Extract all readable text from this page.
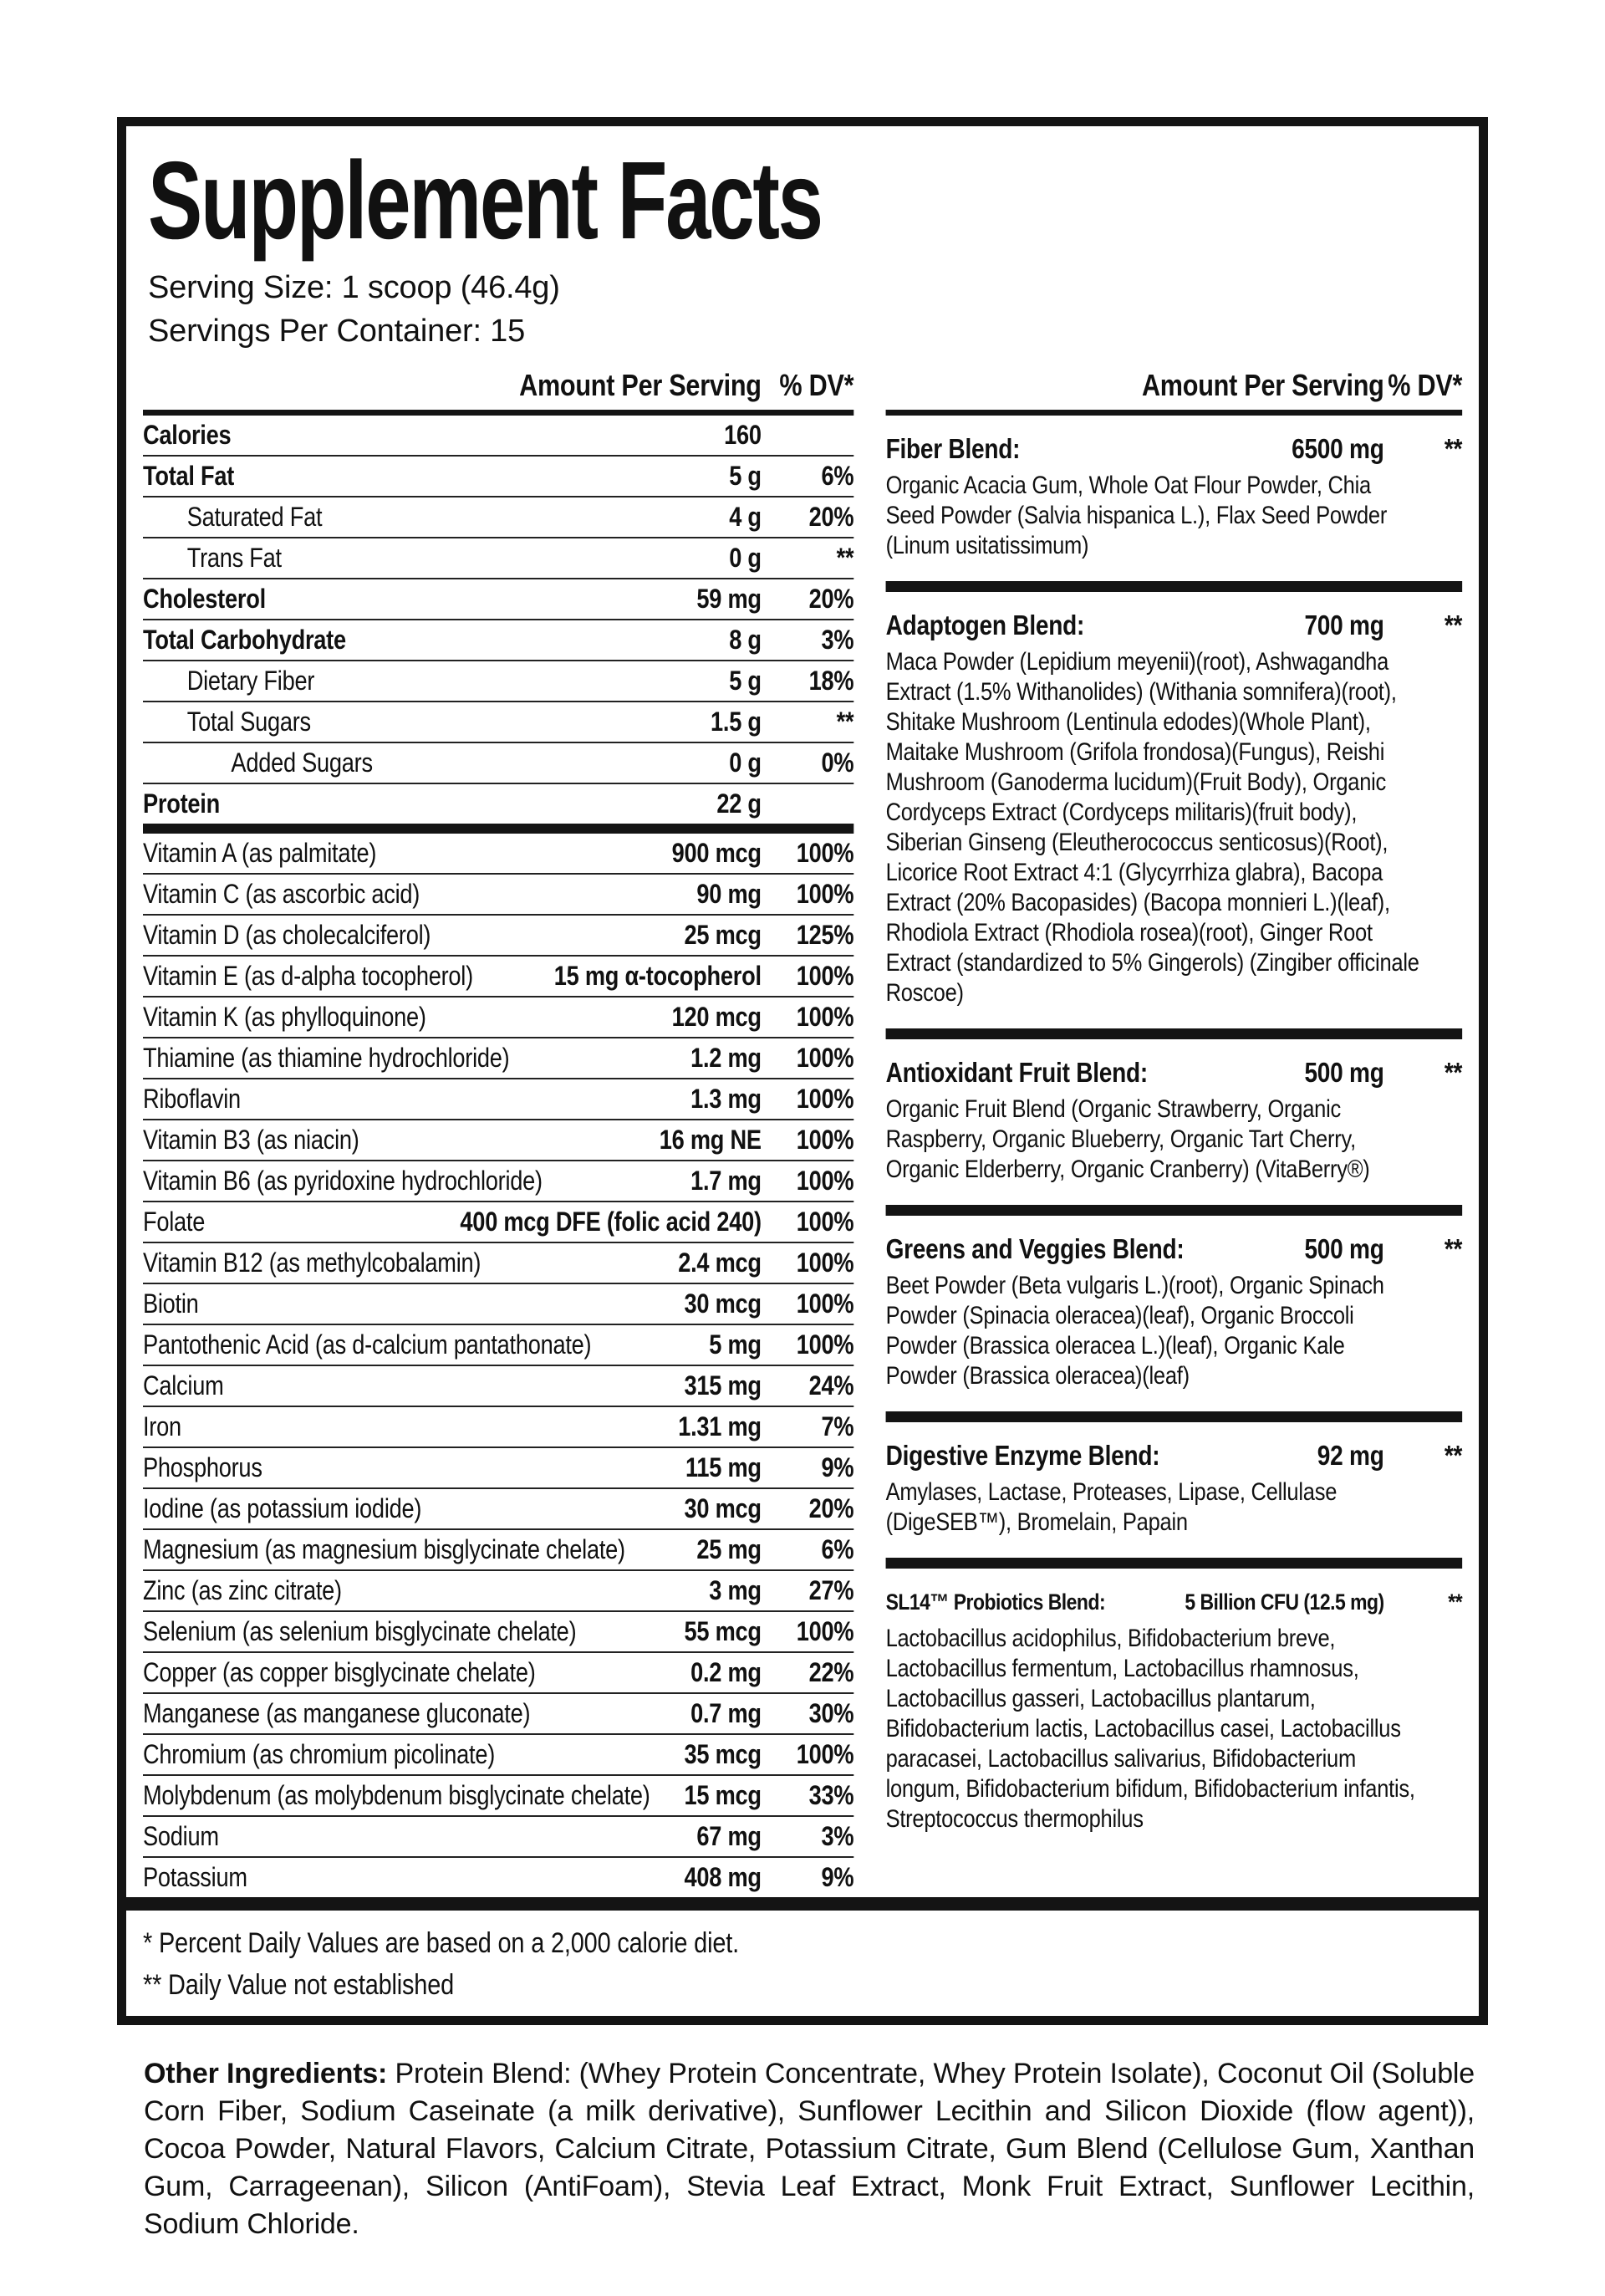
Supplement Facts
Serving Size: 1 scoop (46.4g)
Servings Per Container: 15
Amount Per Serving % DV*
Calories	160
Total Fat	5 g	6%
Saturated Fat	4 g	20%
Trans Fat	0 g	**
Cholesterol	59 mg	20%
Total Carbohydrate	8 g	3%
Dietary Fiber	5 g	18%
Total Sugars	1.5 g	**
Added Sugars	0 g	0%
Protein	22 g
Vitamin A (as palmitate)	900 mcg	100%
Vitamin C (as ascorbic acid)	90 mg	100%
Vitamin D (as cholecalciferol)	25 mcg	125%
Vitamin E (as d-alpha tocopherol)	15 mg α-tocopherol	100%
Vitamin K (as phylloquinone)	120 mcg	100%
Thiamine (as thiamine hydrochloride)	1.2 mg	100%
Riboflavin	1.3 mg	100%
Vitamin B3 (as niacin)	16 mg NE	100%
Vitamin B6 (as pyridoxine hydrochloride)	1.7 mg	100%
Folate	400 mcg DFE (folic acid 240)	100%
Vitamin B12 (as methylcobalamin)	2.4 mcg	100%
Biotin	30 mcg	100%
Pantothenic Acid (as d-calcium pantathonate)	5 mg	100%
Calcium	315 mg	24%
Iron	1.31 mg	7%
Phosphorus	115 mg	9%
Iodine (as potassium iodide)	30 mcg	20%
Magnesium (as magnesium bisglycinate chelate)	25 mg	6%
Zinc (as zinc citrate)	3 mg	27%
Selenium (as selenium bisglycinate chelate)	55 mcg	100%
Copper (as copper bisglycinate chelate)	0.2 mg	22%
Manganese (as manganese gluconate)	0.7 mg	30%
Chromium (as chromium picolinate)	35 mcg	100%
Molybdenum (as molybdenum bisglycinate chelate)	15 mcg	33%
Sodium	67 mg	3%
Potassium	408 mg	9%
Amount Per Serving % DV*
Fiber Blend:	6500 mg	**
Organic Acacia Gum, Whole Oat Flour Powder, Chia Seed Powder (Salvia hispanica L.), Flax Seed Powder (Linum usitatissimum)
Adaptogen Blend:	700 mg	**
Maca Powder (Lepidium meyenii)(root), Ashwagandha Extract (1.5% Withanolides) (Withania somnifera)(root), Shitake Mushroom (Lentinula edodes)(Whole Plant), Maitake Mushroom (Grifola frondosa)(Fungus), Reishi Mushroom (Ganoderma lucidum)(Fruit Body), Organic Cordyceps Extract (Cordyceps militaris)(fruit body), Siberian Ginseng (Eleutherococcus senticosus)(Root), Licorice Root Extract 4:1 (Glycyrrhiza glabra), Bacopa Extract (20% Bacopasides) (Bacopa monnieri L.)(leaf), Rhodiola Extract (Rhodiola rosea)(root), Ginger Root Extract (standardized to 5% Gingerols) (Zingiber officinale Roscoe)
Antioxidant Fruit Blend:	500 mg	**
Organic Fruit Blend (Organic Strawberry, Organic Raspberry, Organic Blueberry, Organic Tart Cherry, Organic Elderberry, Organic Cranberry) (VitaBerry®)
Greens and Veggies Blend:	500 mg	**
Beet Powder (Beta vulgaris L.)(root), Organic Spinach Powder (Spinacia oleracea)(leaf), Organic Broccoli Powder (Brassica oleracea L.)(leaf), Organic Kale Powder (Brassica oleracea)(leaf)
Digestive Enzyme Blend:	92 mg	**
Amylases, Lactase, Proteases, Lipase, Cellulase (DigeSEB™), Bromelain, Papain
SL14™ Probiotics Blend:	5 Billion CFU (12.5 mg)	**
Lactobacillus acidophilus, Bifidobacterium breve, Lactobacillus fermentum, Lactobacillus rhamnosus, Lactobacillus gasseri, Lactobacillus plantarum, Bifidobacterium lactis, Lactobacillus casei, Lactobacillus paracasei, Lactobacillus salivarius, Bifidobacterium longum, Bifidobacterium bifidum, Bifidobacterium infantis, Streptococcus thermophilus
* Percent Daily Values are based on a 2,000 calorie diet.
** Daily Value not established

Other Ingredients: Protein Blend: (Whey Protein Concentrate, Whey Protein Isolate), Coconut Oil (Soluble Corn Fiber, Sodium Caseinate (a milk derivative), Sunflower Lecithin and Silicon Dioxide (flow agent)), Cocoa Powder, Natural Flavors, Calcium Citrate, Potassium Citrate, Gum Blend (Cellulose Gum, Xanthan Gum, Carrageenan), Silicon (AntiFoam), Stevia Leaf Extract, Monk Fruit Extract, Sunflower Lecithin, Sodium Chloride.
